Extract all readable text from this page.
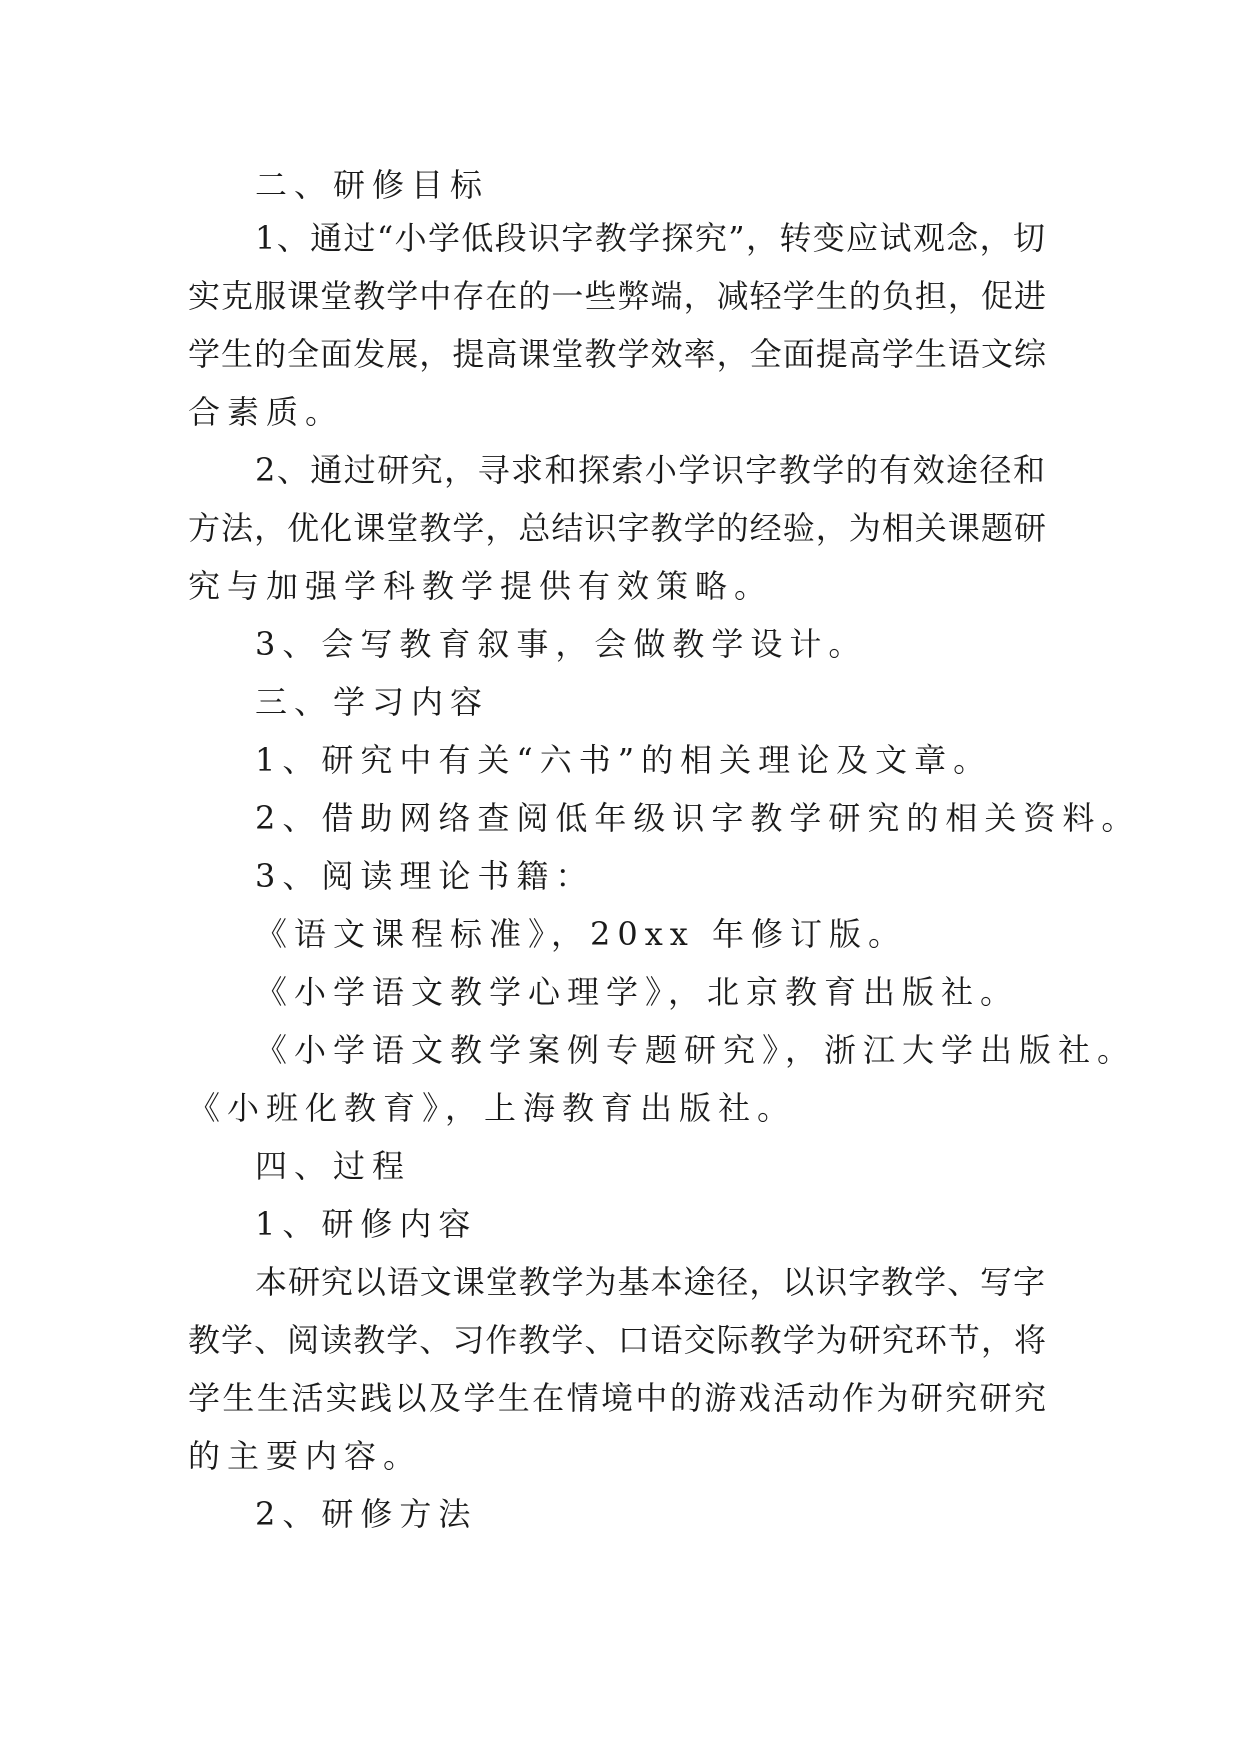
二、研修目标

1、通过“小学低段识字教学探究”，转变应试观念，切

实克服课堂教学中存在的一些弊端，减轻学生的负担，促进

学生的全面发展，提高课堂教学效率，全面提高学生语文综

合素质。

2、通过研究，寻求和探索小学识字教学的有效途径和

方法，优化课堂教学，总结识字教学的经验，为相关课题研

究与加强学科教学提供有效策略。

3、会写教育叙事，会做教学设计。

三、学习内容

1、研究中有关“六书”的相关理论及文章。

2、借助网络查阅低年级识字教学研究的相关资料。

3、阅读理论书籍：

《语文课程标准》，20xx 年修订版。

《小学语文教学心理学》，北京教育出版社。

《小学语文教学案例专题研究》，浙江大学出版社。

《小班化教育》，上海教育出版社。

四、过程

1、研修内容

本研究以语文课堂教学为基本途径，以识字教学、写字

教学、阅读教学、习作教学、口语交际教学为研究环节，将

学生生活实践以及学生在情境中的游戏活动作为研究研究

的主要内容。

2、研修方法
